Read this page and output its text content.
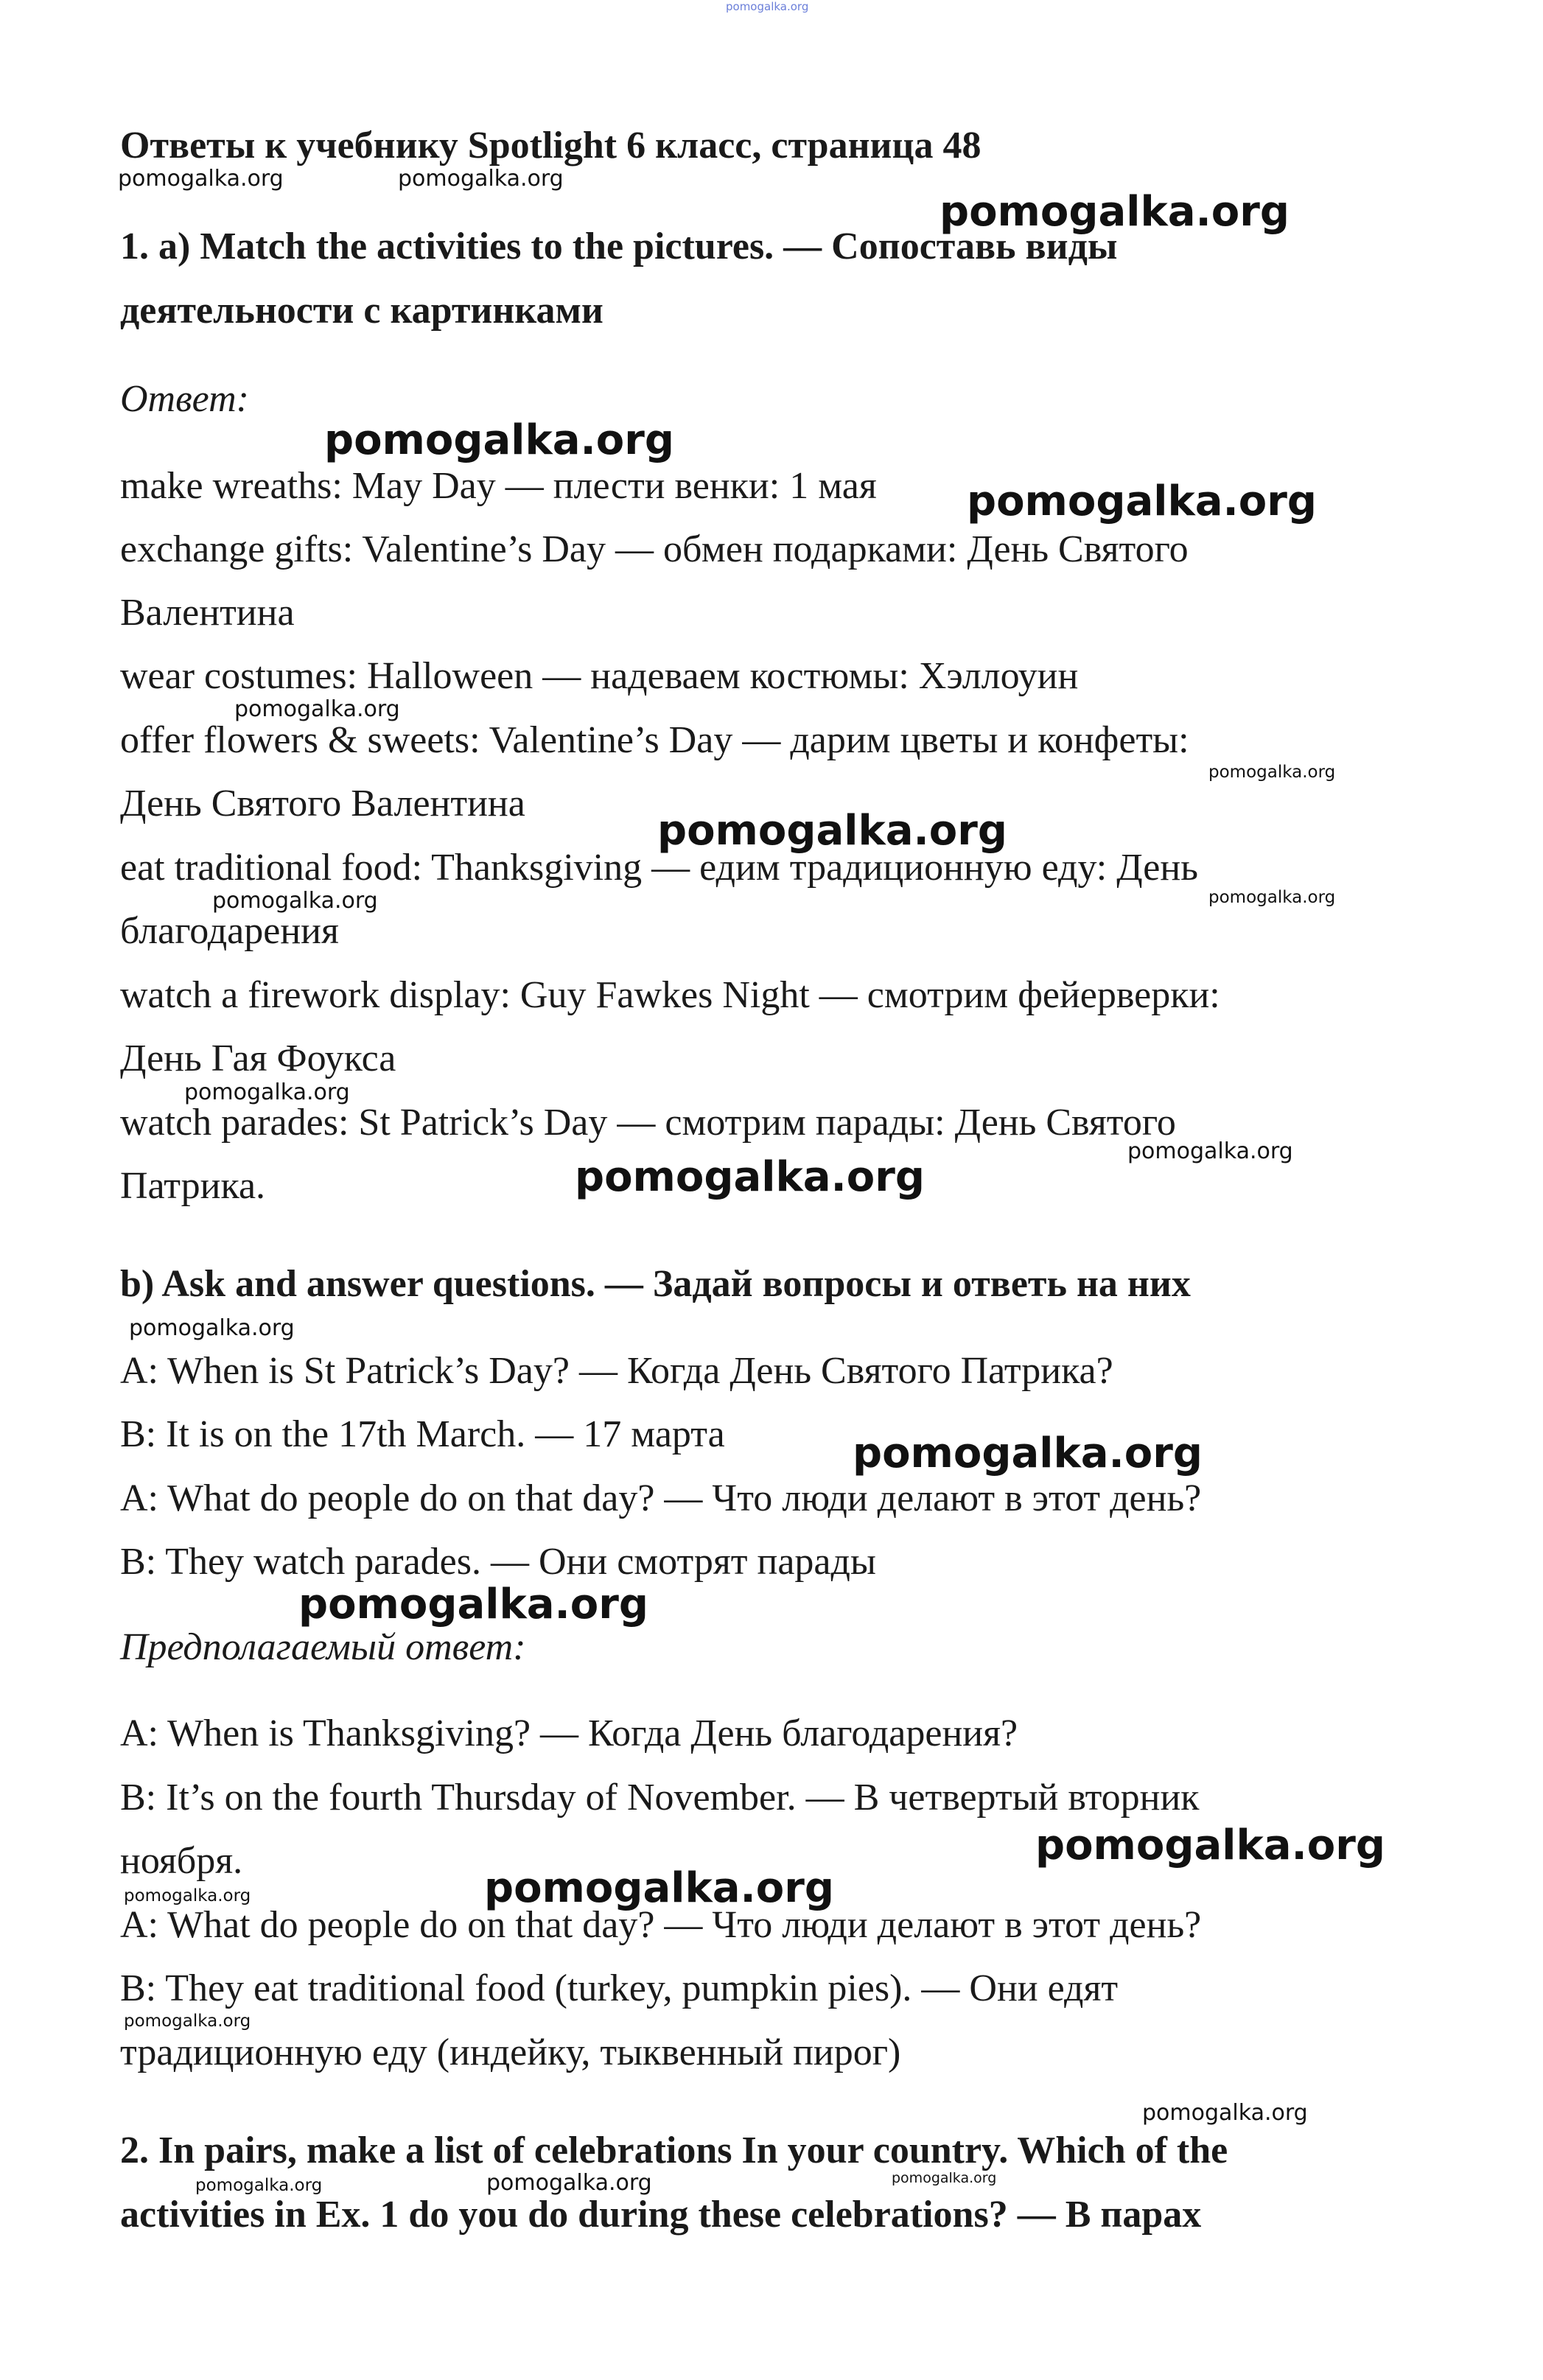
pomogalka.org
Ответы к учебнику Spotlight 6 класс, страница 48
1. a) Match the activities to the pictures. — Сопоставь виды
деятельности с картинками
Ответ:
make wreaths: May Day — плести венки: 1 мая
exchange gifts: Valentine’s Day — обмен подарками: День Святого
Валентина
wear costumes: Halloween — надеваем костюмы: Хэллоуин
offer flowers & sweets: Valentine’s Day — дарим цветы и конфеты:
День Святого Валентина
eat traditional food: Thanksgiving — едим традиционную еду: День
благодарения
watch a firework display: Guy Fawkes Night — смотрим фейерверки:
День Гая Фоукса
watch parades: St Patrick’s Day — смотрим парады: День Святого
Патрика.
b) Ask and answer questions. — Задай вопросы и ответь на них
A: When is St Patrick’s Day? — Когда День Святого Патрика?
B: It is on the 17th March. — 17 марта
A: What do people do on that day? — Что люди делают в этот день?
B: They watch parades. — Они смотрят парады
Предполагаемый ответ:
A: When is Thanksgiving? — Когда День благодарения?
B: It’s on the fourth Thursday of November. — В четвертый вторник
ноября.
A: What do people do on that day? — Что люди делают в этот день?
B: They eat traditional food (turkey, pumpkin pies). — Они едят
традиционную еду (индейку, тыквенный пирог)
2. In pairs, make a list of celebrations In your country. Which of the
activities in Ex. 1 do you do during these celebrations? — В парах
pomogalka.org	pomogalka.org
pomogalka.org
pomogalka.org
pomogalka.org
pomogalka.org
pomogalka.org
pomogalka.org
pomogalka.org	pomogalka.org
pomogalka.org
pomogalka.org
pomogalka.org
pomogalka.org
pomogalka.org
pomogalka.org
pomogalka.org
pomogalka.org
pomogalka.org
pomogalka.org
pomogalka.org
pomogalka.org	pomogalka.org	pomogalka.org
